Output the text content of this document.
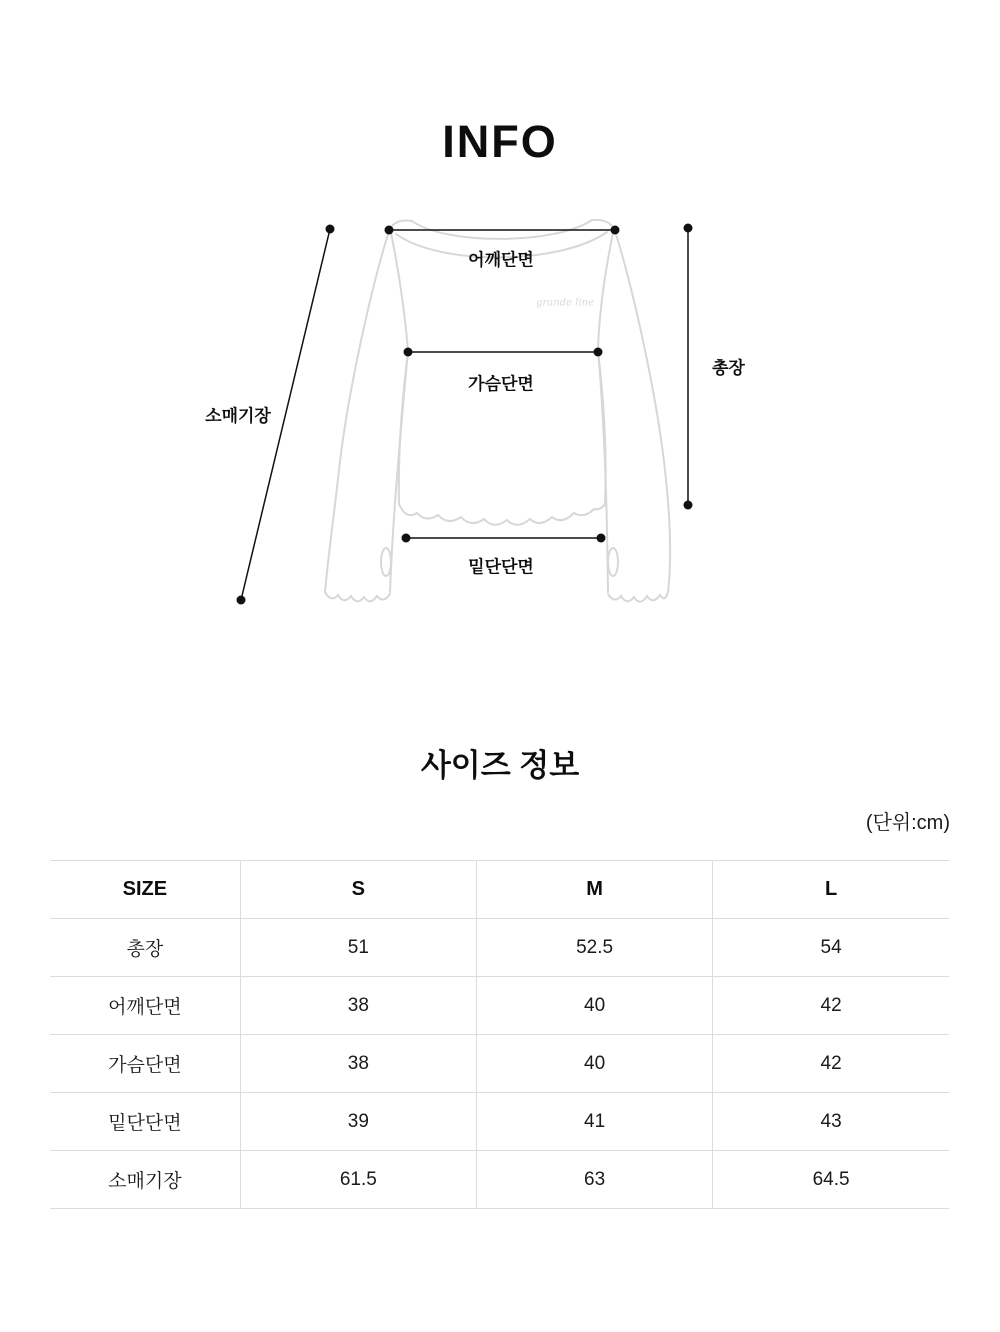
INFO
grande line
어깨단면
가슴단면
밑단단면
총장
소매기장
사이즈 정보
(단위:cm)
SIZE	S	M	L
총장	51	52.5	54
어깨단면	38	40	42
가슴단면	38	40	42
밑단단면	39	41	43
소매기장	61.5	63	64.5
